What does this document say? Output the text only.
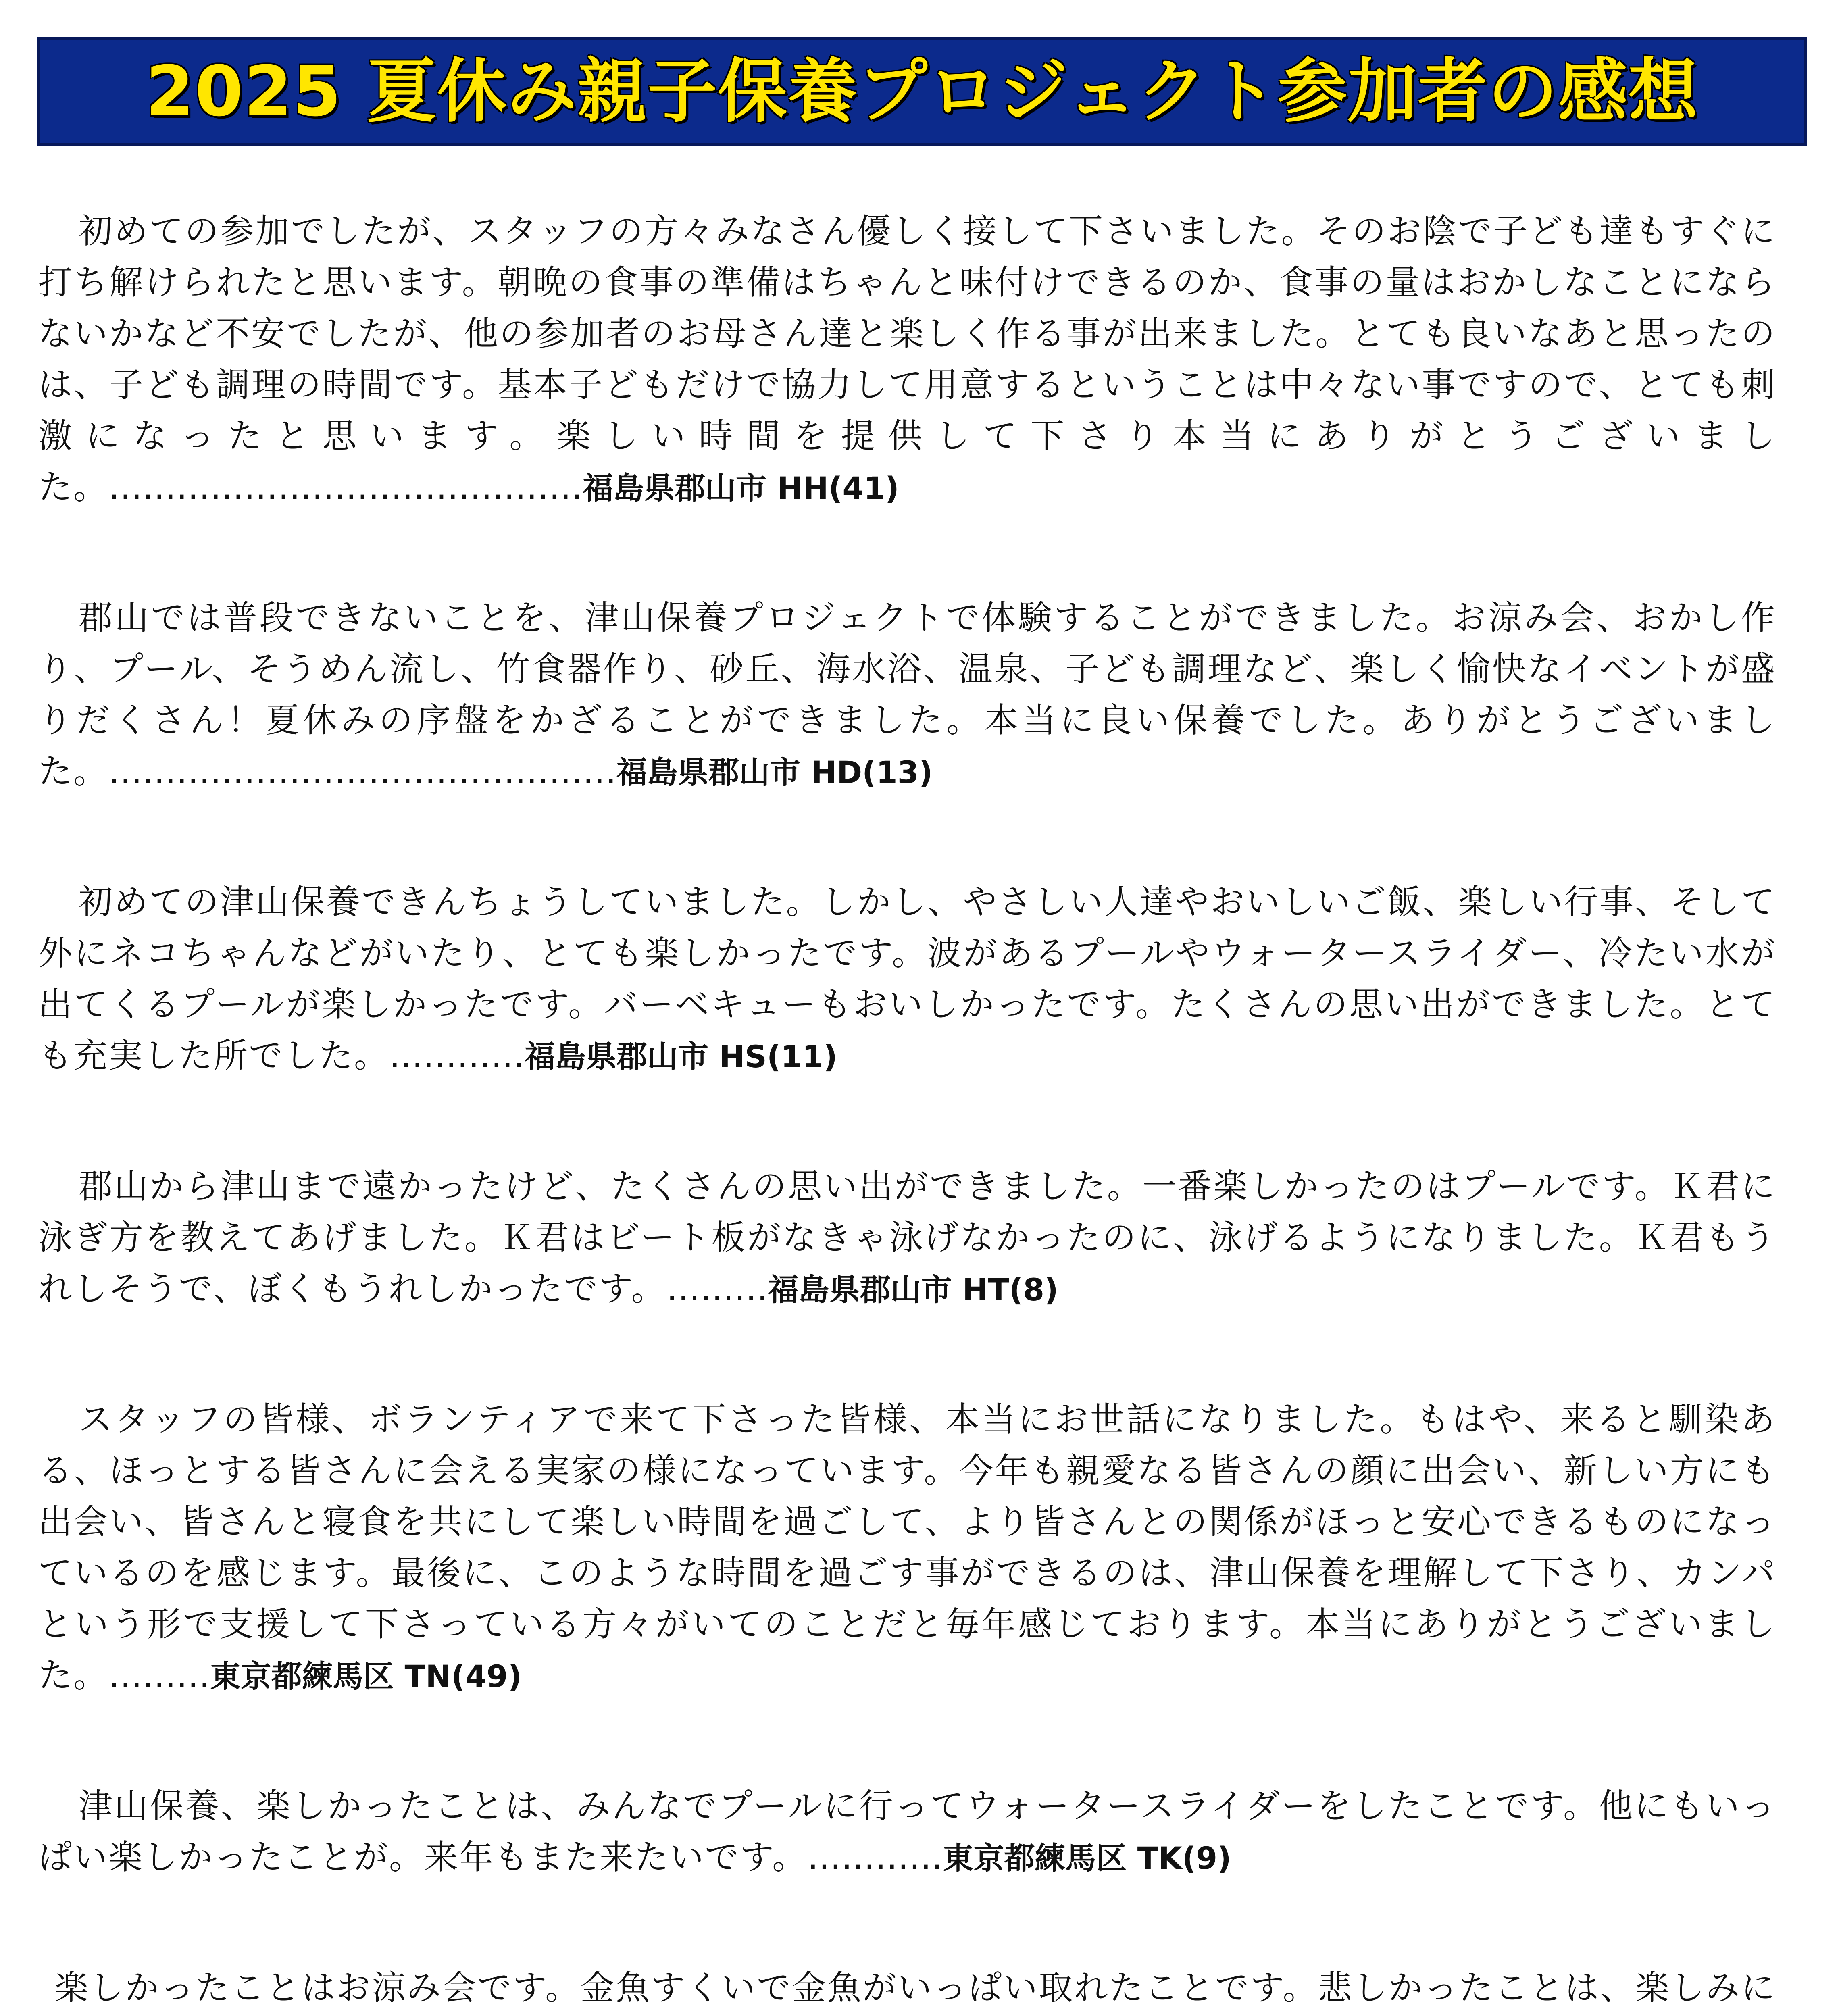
2025 夏休み親子保養プロジェクト参加者の感想

初めての参加でしたが、スタッフの方々みなさん優しく接して下さいました。そのお陰で子ども達もすぐに打ち解けられたと思います。朝晩の食事の準備はちゃんと味付けできるのか、食事の量はおかしなことにならないかなど不安でしたが、他の参加者のお母さん達と楽しく作る事が出来ました。とても良いなあと思ったのは、子ども調理の時間です。基本子どもだけで協力して用意するということは中々ない事ですので、とても刺激になったと思います。楽しい時間を提供して下さり本当にありがとうございました。……………………………………福島県郡山市 HH(41)

郡山では普段できないことを、津山保養プロジェクトで体験することができました。お涼み会、おかし作り、プール、そうめん流し、竹食器作り、砂丘、海水浴、温泉、子ども調理など、楽しく愉快なイベントが盛りだくさん！夏休みの序盤をかざることができました。本当に良い保養でした。ありがとうございました。………………………………………福島県郡山市 HD(13)

初めての津山保養できんちょうしていました。しかし、やさしい人達やおいしいご飯、楽しい行事、そして外にネコちゃんなどがいたり、とても楽しかったです。波があるプールやウォータースライダー、冷たい水が出てくるプールが楽しかったです。バーベキューもおいしかったです。たくさんの思い出ができました。とても充実した所でした。…………福島県郡山市 HS(11)

郡山から津山まで遠かったけど、たくさんの思い出ができました。一番楽しかったのはプールです。Ｋ君に泳ぎ方を教えてあげました。Ｋ君はビート板がなきゃ泳げなかったのに、泳げるようになりました。Ｋ君もうれしそうで、ぼくもうれしかったです。………福島県郡山市 HT(8)

スタッフの皆様、ボランティアで来て下さった皆様、本当にお世話になりました。もはや、来ると馴染ある、ほっとする皆さんに会える実家の様になっています。今年も親愛なる皆さんの顔に出会い、新しい方にも出会い、皆さんと寝食を共にして楽しい時間を過ごして、より皆さんとの関係がほっと安心できるものになっているのを感じます。最後に、このような時間を過ごす事ができるのは、津山保養を理解して下さり、カンパという形で支援して下さっている方々がいてのことだと毎年感じております。本当にありがとうございました。………東京都練馬区 TN(49)

津山保養、楽しかったことは、みんなでプールに行ってウォータースライダーをしたことです。他にもいっぱい楽しかったことが。来年もまた来たいです。…………東京都練馬区 TK(9)

楽しかったことはお涼み会です。金魚すくいで金魚がいっぱい取れたことです。悲しかったことは、楽しみに
